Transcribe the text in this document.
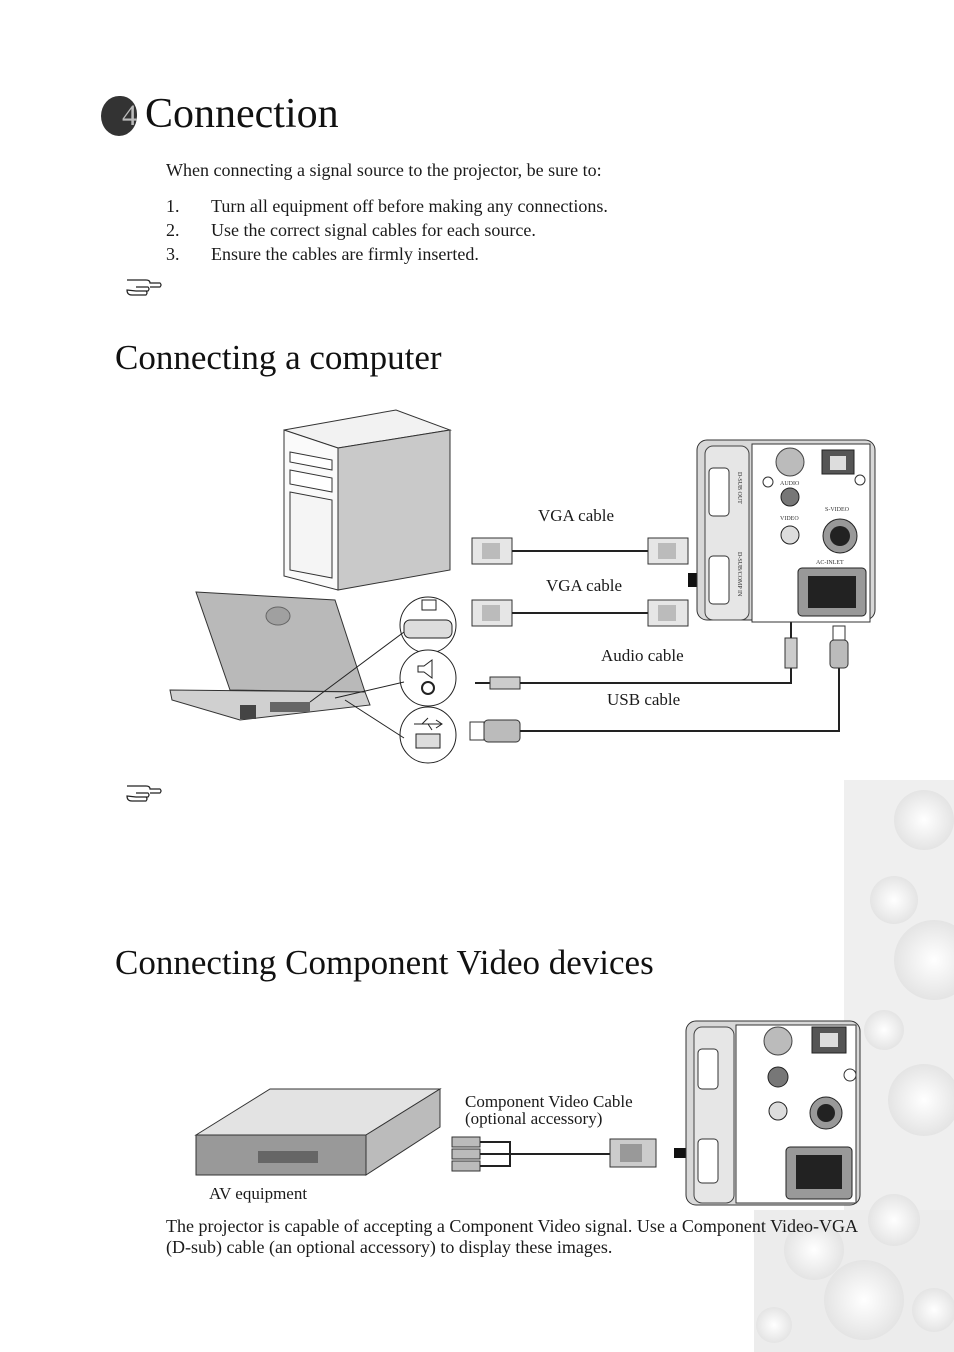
4 Connection

When connecting a signal source to the projector, be sure to:

1. Turn all equipment off before making any connections.
2. Use the correct signal cables for each source.
3. Ensure the cables are firmly inserted.
Connecting a computer
D-SUB OUT
D-SUB/COMP IN
AUDIO
VIDEO
S-VIDEO
AC-INLET
VGA cable
VGA cable
Audio cable
USB cable
Connecting Component Video devices
Component Video Cable
(optional accessory)
AV equipment

The projector is capable of accepting a Component Video signal. Use a Component Video-VGA (D-sub) cable (an optional accessory) to display these images.
